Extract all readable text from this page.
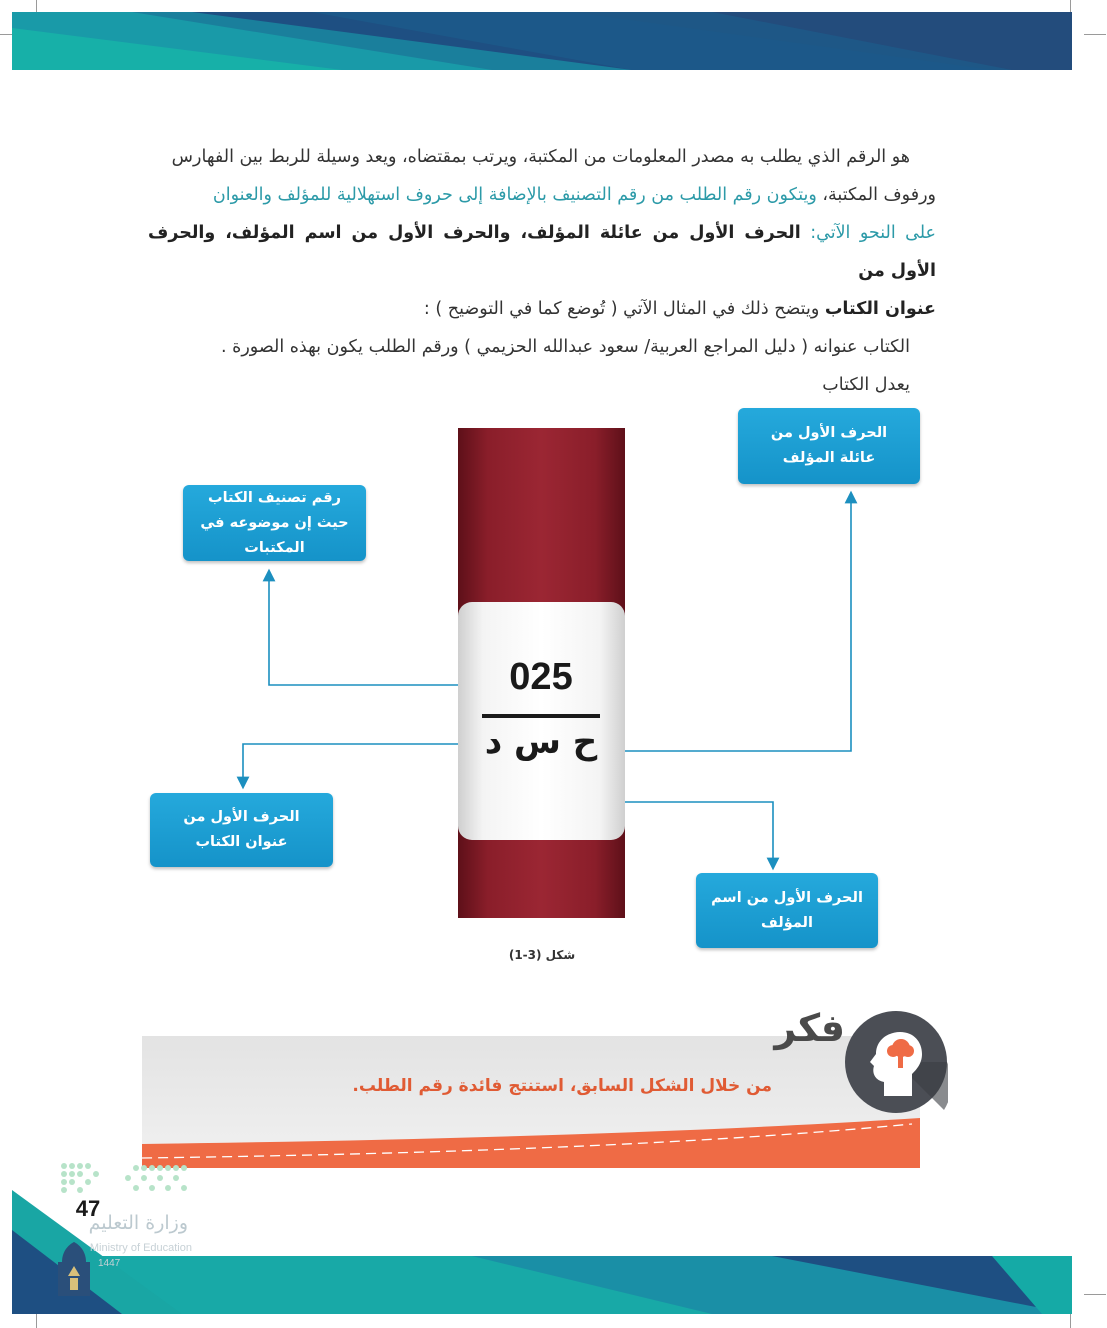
هو الرقم الذي يطلب به مصدر المعلومات من المكتبة، ويرتب بمقتضاه، ويعد وسيلة للربط بين الفهارس
ورفوف المكتبة، ويتكون رقم الطلب من رقم التصنيف بالإضافة إلى حروف استهلالية للمؤلف والعنوان
على النحو الآتي: الحرف الأول من عائلة المؤلف، والحرف الأول من اسم المؤلف، والحرف الأول من
عنوان الكتاب ويتضح ذلك في المثال الآتي ( تُوضع كما في التوضيح ) :
الكتاب عنوانه ( دليل المراجع العربية/ سعود عبدالله الحزيمي ) ورقم الطلب يكون بهذه الصورة .
يعدل الكتاب
025
ح س د
الحرف الأول من عائلة المؤلف
رقم تصنيف الكتاب حيث إن موضوعه في المكتبات
الحرف الأول من عنوان الكتاب
الحرف الأول من اسم المؤلف
شكل (3-1)
فكر
من خلال الشكل السابق، استنتج فائدة رقم الطلب.
وزارة التعليم
Ministry of Education
1447
47
